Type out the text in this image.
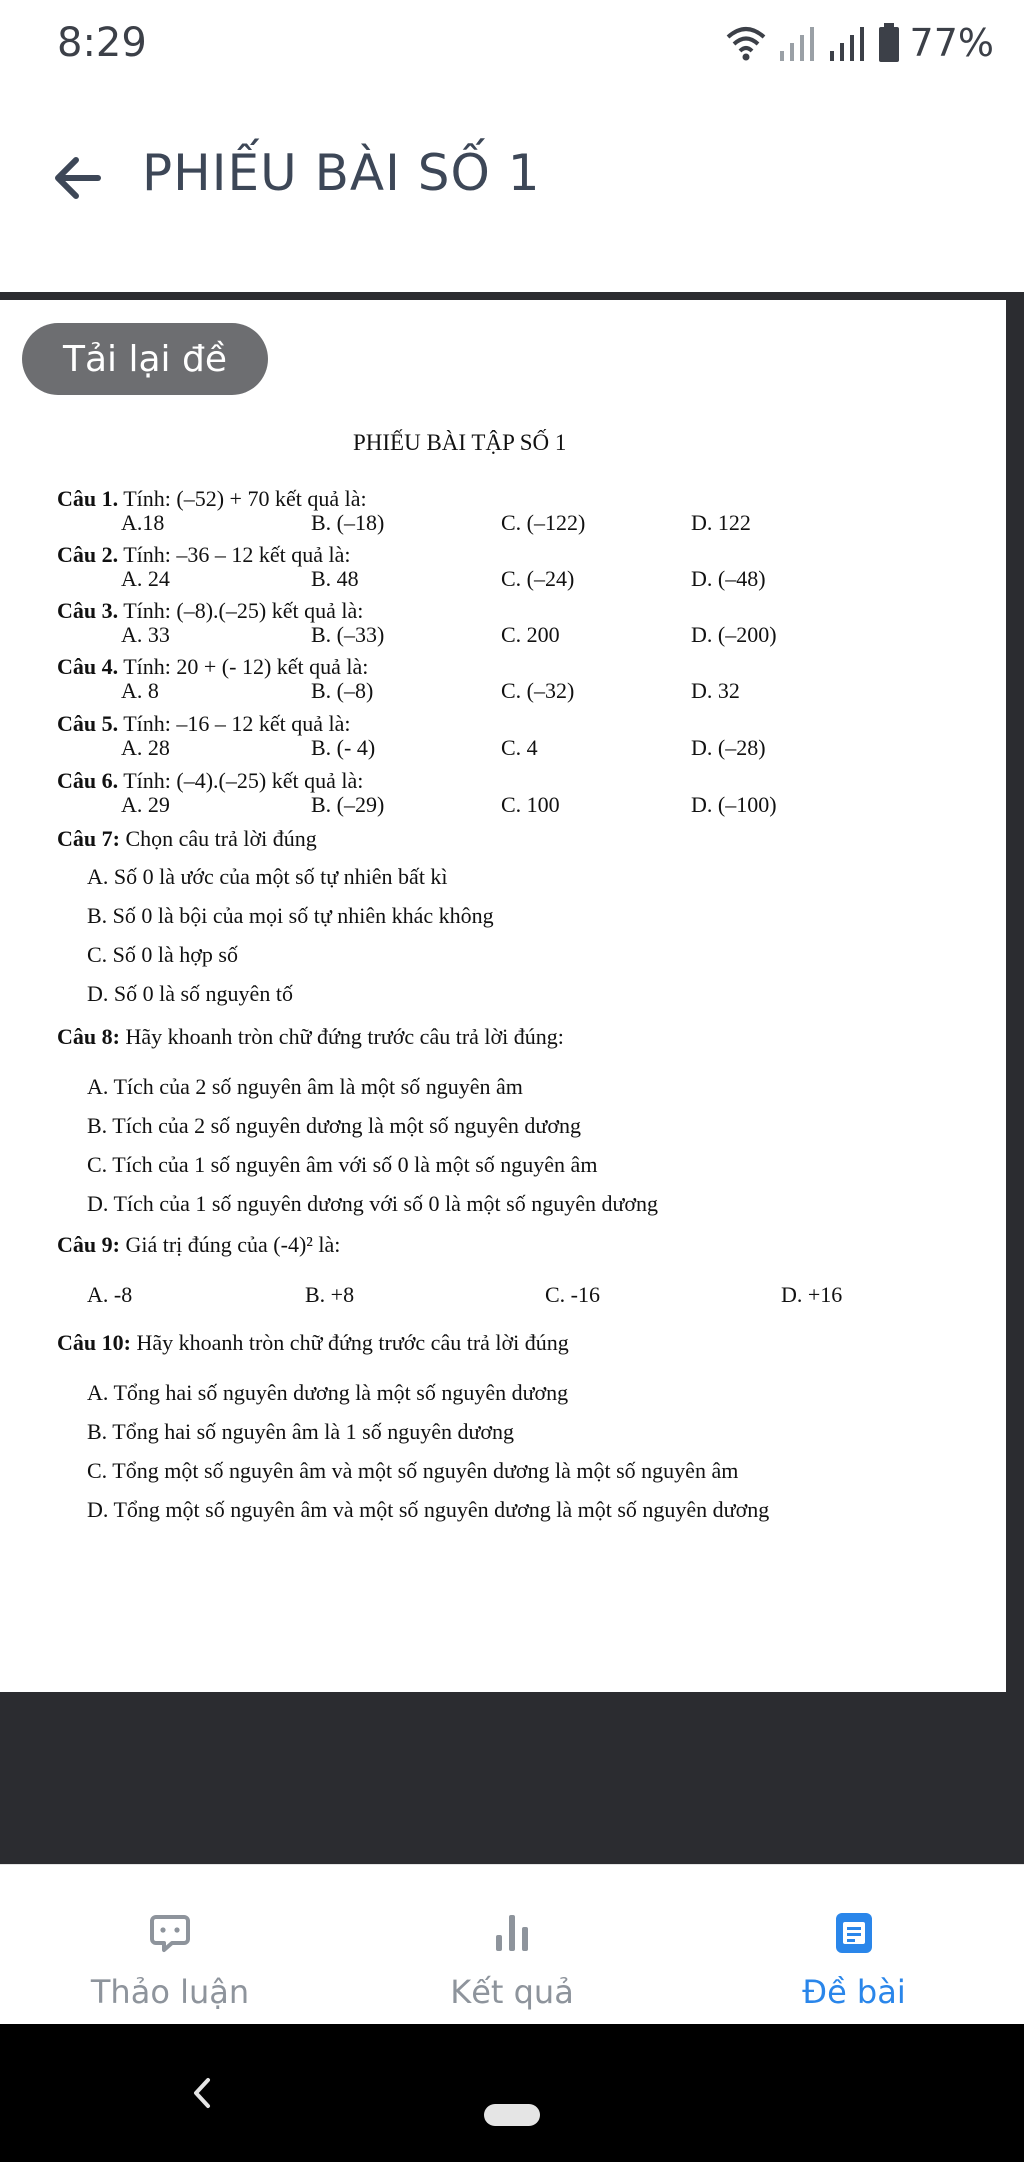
8:29	77%
PHIẾU BÀI SỐ 1
Tải lại đề
PHIẾU BÀI TẬP SỐ 1
Câu 1. Tính: (–52) + 70 kết quả là:
A.18	B. (–18)	C. (–122)	D. 122
Câu 2. Tính: –36 – 12 kết quả là:
A. 24	B. 48	C. (–24)	D. (–48)
Câu 3. Tính: (–8).(–25) kết quả là:
A. 33	B. (–33)	C. 200	D. (–200)
Câu 4. Tính: 20 + (- 12) kết quả là:
A. 8	B. (–8)	C. (–32)	D. 32
Câu 5. Tính: –16 – 12 kết quả là:
A. 28	B. (- 4)	C. 4	D. (–28)
Câu 6. Tính: (–4).(–25) kết quả là:
A. 29	B. (–29)	C. 100	D. (–100)
Câu 7: Chọn câu trả lời đúng
A. Số 0 là ước của một số tự nhiên bất kì
B. Số 0 là bội của mọi số tự nhiên khác không
C. Số 0 là hợp số
D. Số 0 là số nguyên tố
Câu 8: Hãy khoanh tròn chữ đứng trước câu trả lời đúng:
A. Tích của 2 số nguyên âm là một số nguyên âm
B. Tích của 2 số nguyên dương là một số nguyên dương
C. Tích của 1 số nguyên âm với số 0 là một số nguyên âm
D. Tích của 1 số nguyên dương với số 0 là một số nguyên dương
Câu 9: Giá trị đúng của (-4)² là:
A. -8	B. +8	C. -16	D. +16
Câu 10: Hãy khoanh tròn chữ đứng trước câu trả lời đúng
A. Tổng hai số nguyên dương là một số nguyên dương
B. Tổng hai số nguyên âm là 1 số nguyên dương
C. Tổng một số nguyên âm và một số nguyên dương là một số nguyên âm
D. Tổng một số nguyên âm và một số nguyên dương là một số nguyên dương
Thảo luận	Kết quả	Đề bài
